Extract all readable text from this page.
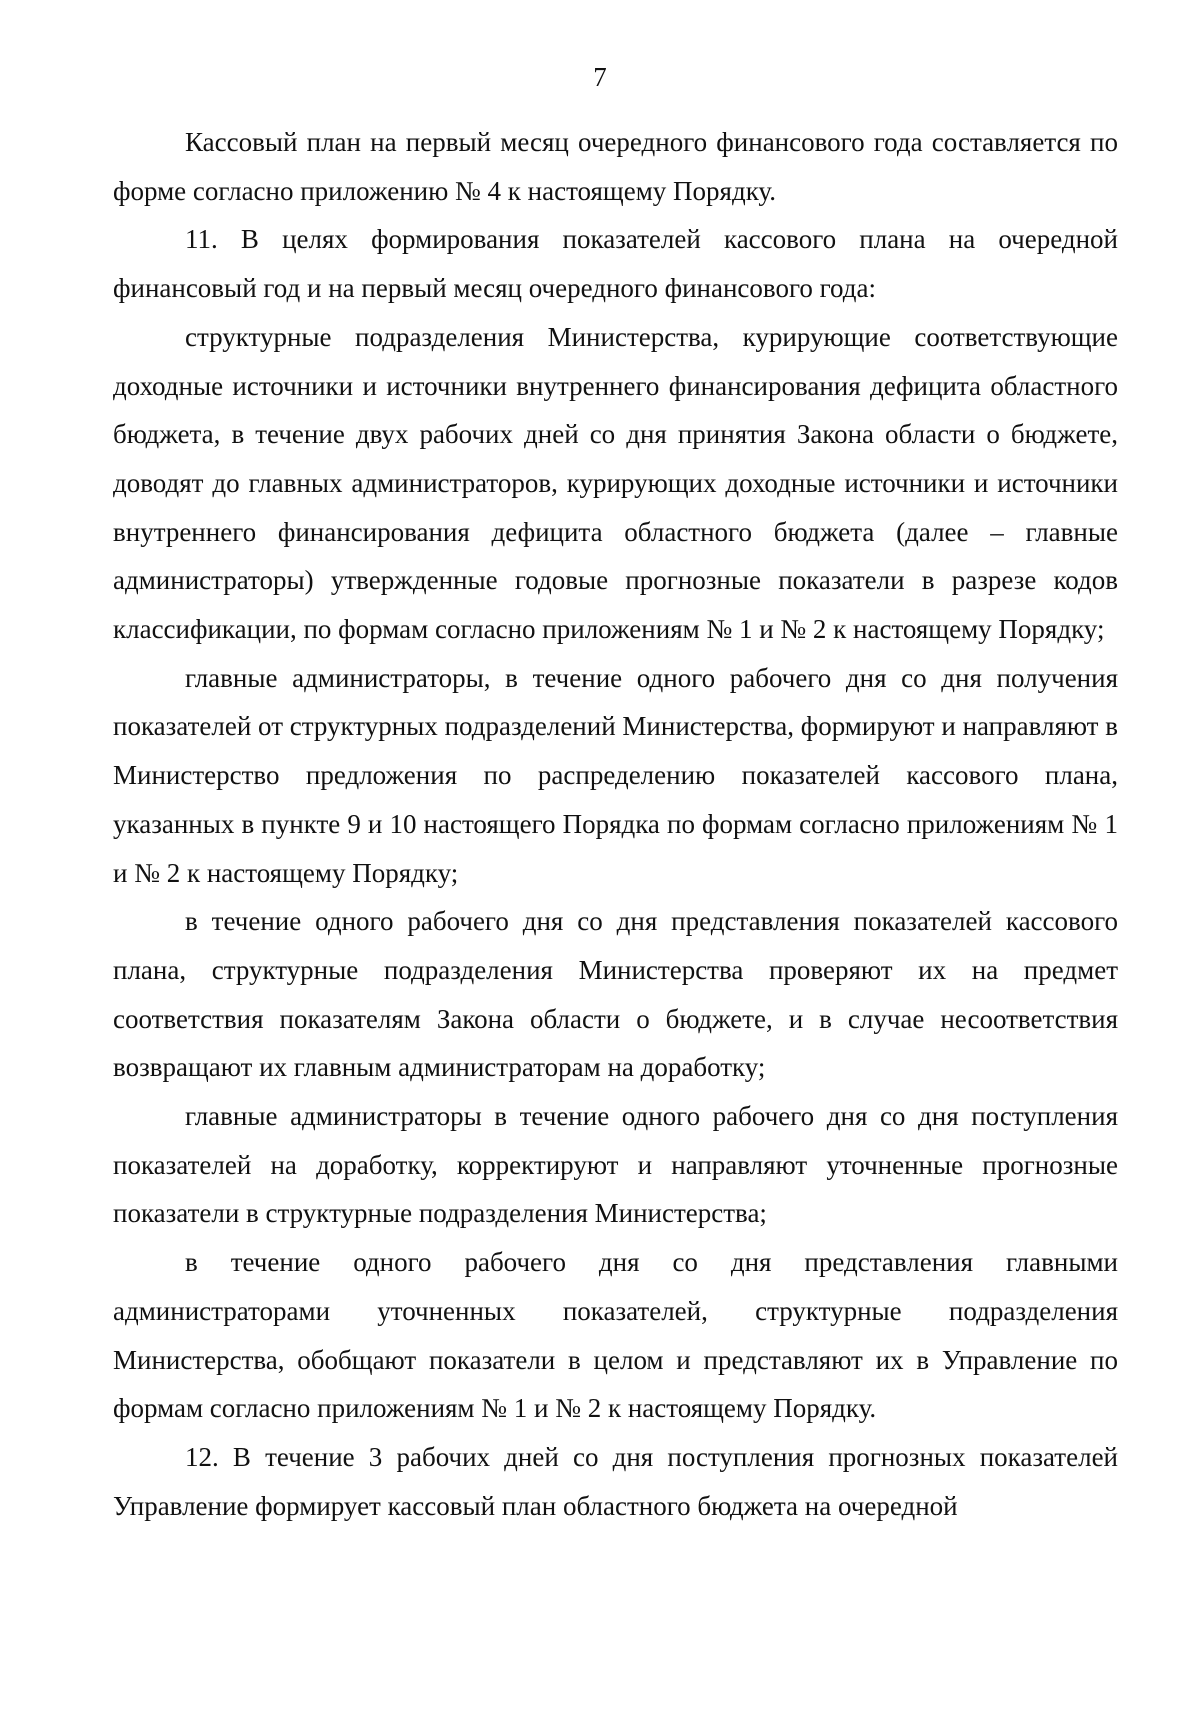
7

Кассовый план на первый месяц очередного финансового года составляется по форме согласно приложению № 4 к настоящему Порядку.

11. В целях формирования показателей кассового плана на очередной финансовый год и на первый месяц очередного финансового года:

структурные подразделения Министерства, курирующие соответствующие доходные источники и источники внутреннего финансирования дефицита областного бюджета, в течение двух рабочих дней со дня принятия Закона области о бюджете, доводят до главных администраторов, курирующих доходные источники и источники внутреннего финансирования дефицита областного бюджета (далее – главные администраторы) утвержденные годовые прогнозные показатели в разрезе кодов классификации, по формам согласно приложениям № 1 и № 2 к настоящему Порядку;

главные администраторы, в течение одного рабочего дня со дня получения показателей от структурных подразделений Министерства, формируют и направляют в Министерство предложения по распределению показателей кассового плана, указанных в пункте 9 и 10 настоящего Порядка по формам согласно приложениям № 1 и № 2 к настоящему Порядку;

в течение одного рабочего дня со дня представления показателей кассового плана, структурные подразделения Министерства проверяют их на предмет соответствия показателям Закона области о бюджете, и в случае несоответствия возвращают их главным администраторам на доработку;

главные администраторы в течение одного рабочего дня со дня поступления показателей на доработку, корректируют и направляют уточненные прогнозные показатели в структурные подразделения Министерства;

в течение одного рабочего дня со дня представления главными администраторами уточненных показателей, структурные подразделения Министерства, обобщают показатели в целом и представляют их в Управление по формам согласно приложениям № 1 и № 2 к настоящему Порядку.

12. В течение 3 рабочих дней со дня поступления прогнозных показателей Управление формирует кассовый план областного бюджета на очередной
